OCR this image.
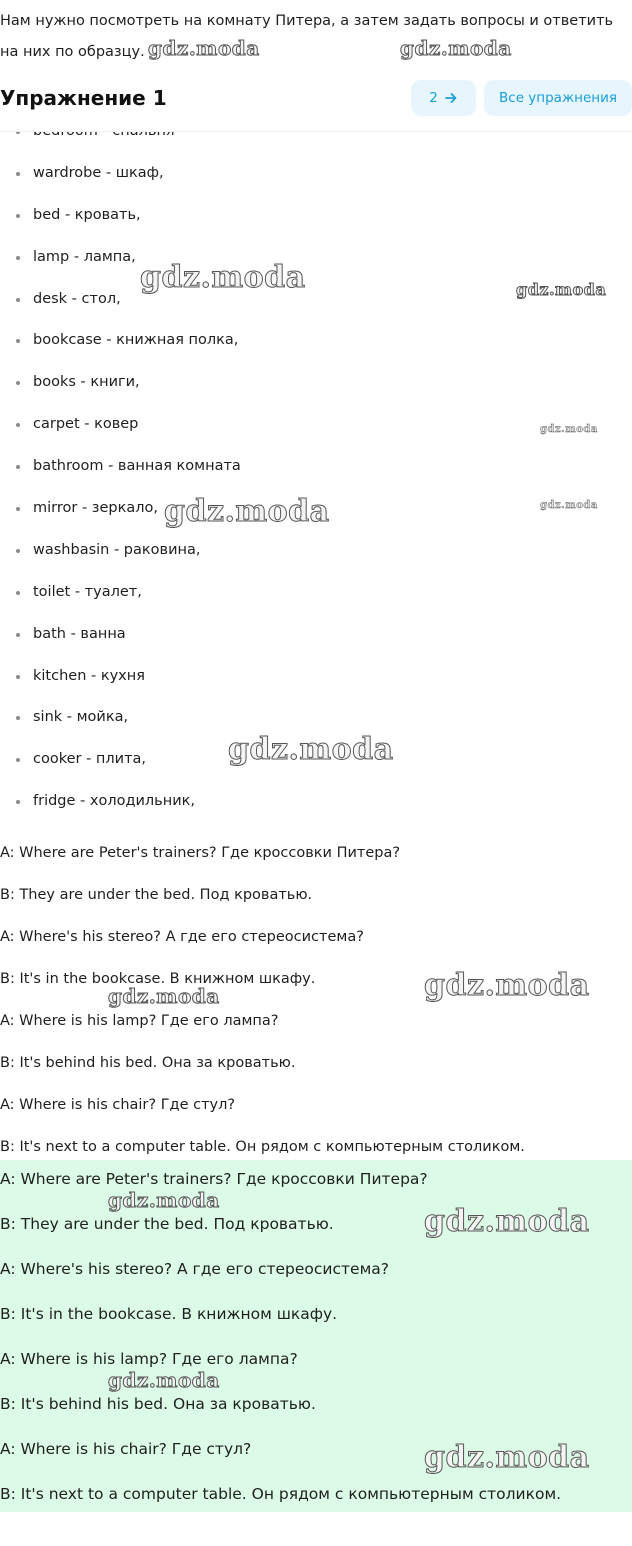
Нам нужно посмотреть на комнату Питера, а затем задать вопросы и ответить на них по образцу.
Упражнение 1	2	Все упражнения
wardrobe - шкаф,
bed - кровать,
lamp - лампа,
desk - стол,
bookcase - книжная полка,
books - книги,
carpet - ковер
bathroom - ванная комната
mirror - зеркало,
washbasin - раковина,
toilet - туалет,
bath - ванна
kitchen - кухня
sink - мойка,
cooker - плита,
fridge - холодильник,
A: Where are Peter's trainers? Где кроссовки Питера?
B: They are under the bed. Под кроватью.
A: Where's his stereo? А где его стереосистема?
B: It's in the bookcase. В книжном шкафу.
A: Where is his lamp? Где его лампа?
B: It's behind his bed. Она за кроватью.
A: Where is his chair? Где стул?
B: It's next to a computer table. Он рядом с компьютерным столиком.
A: Where are Peter's trainers? Где кроссовки Питера?
B: They are under the bed. Под кроватью.
A: Where's his stereo? А где его стереосистема?
B: It's in the bookcase. В книжном шкафу.
A: Where is his lamp? Где его лампа?
B: It's behind his bed. Она за кроватью.
A: Where is his chair? Где стул?
B: It's next to a computer table. Он рядом с компьютерным столиком.
gdz.moda	gdz.moda
gdz.moda	gdz.moda
gdz.moda
gdz.moda	gdz.moda
gdz.moda
gdz.moda
gdz.moda
gdz.moda
gdz.moda
gdz.moda
gdz.moda
